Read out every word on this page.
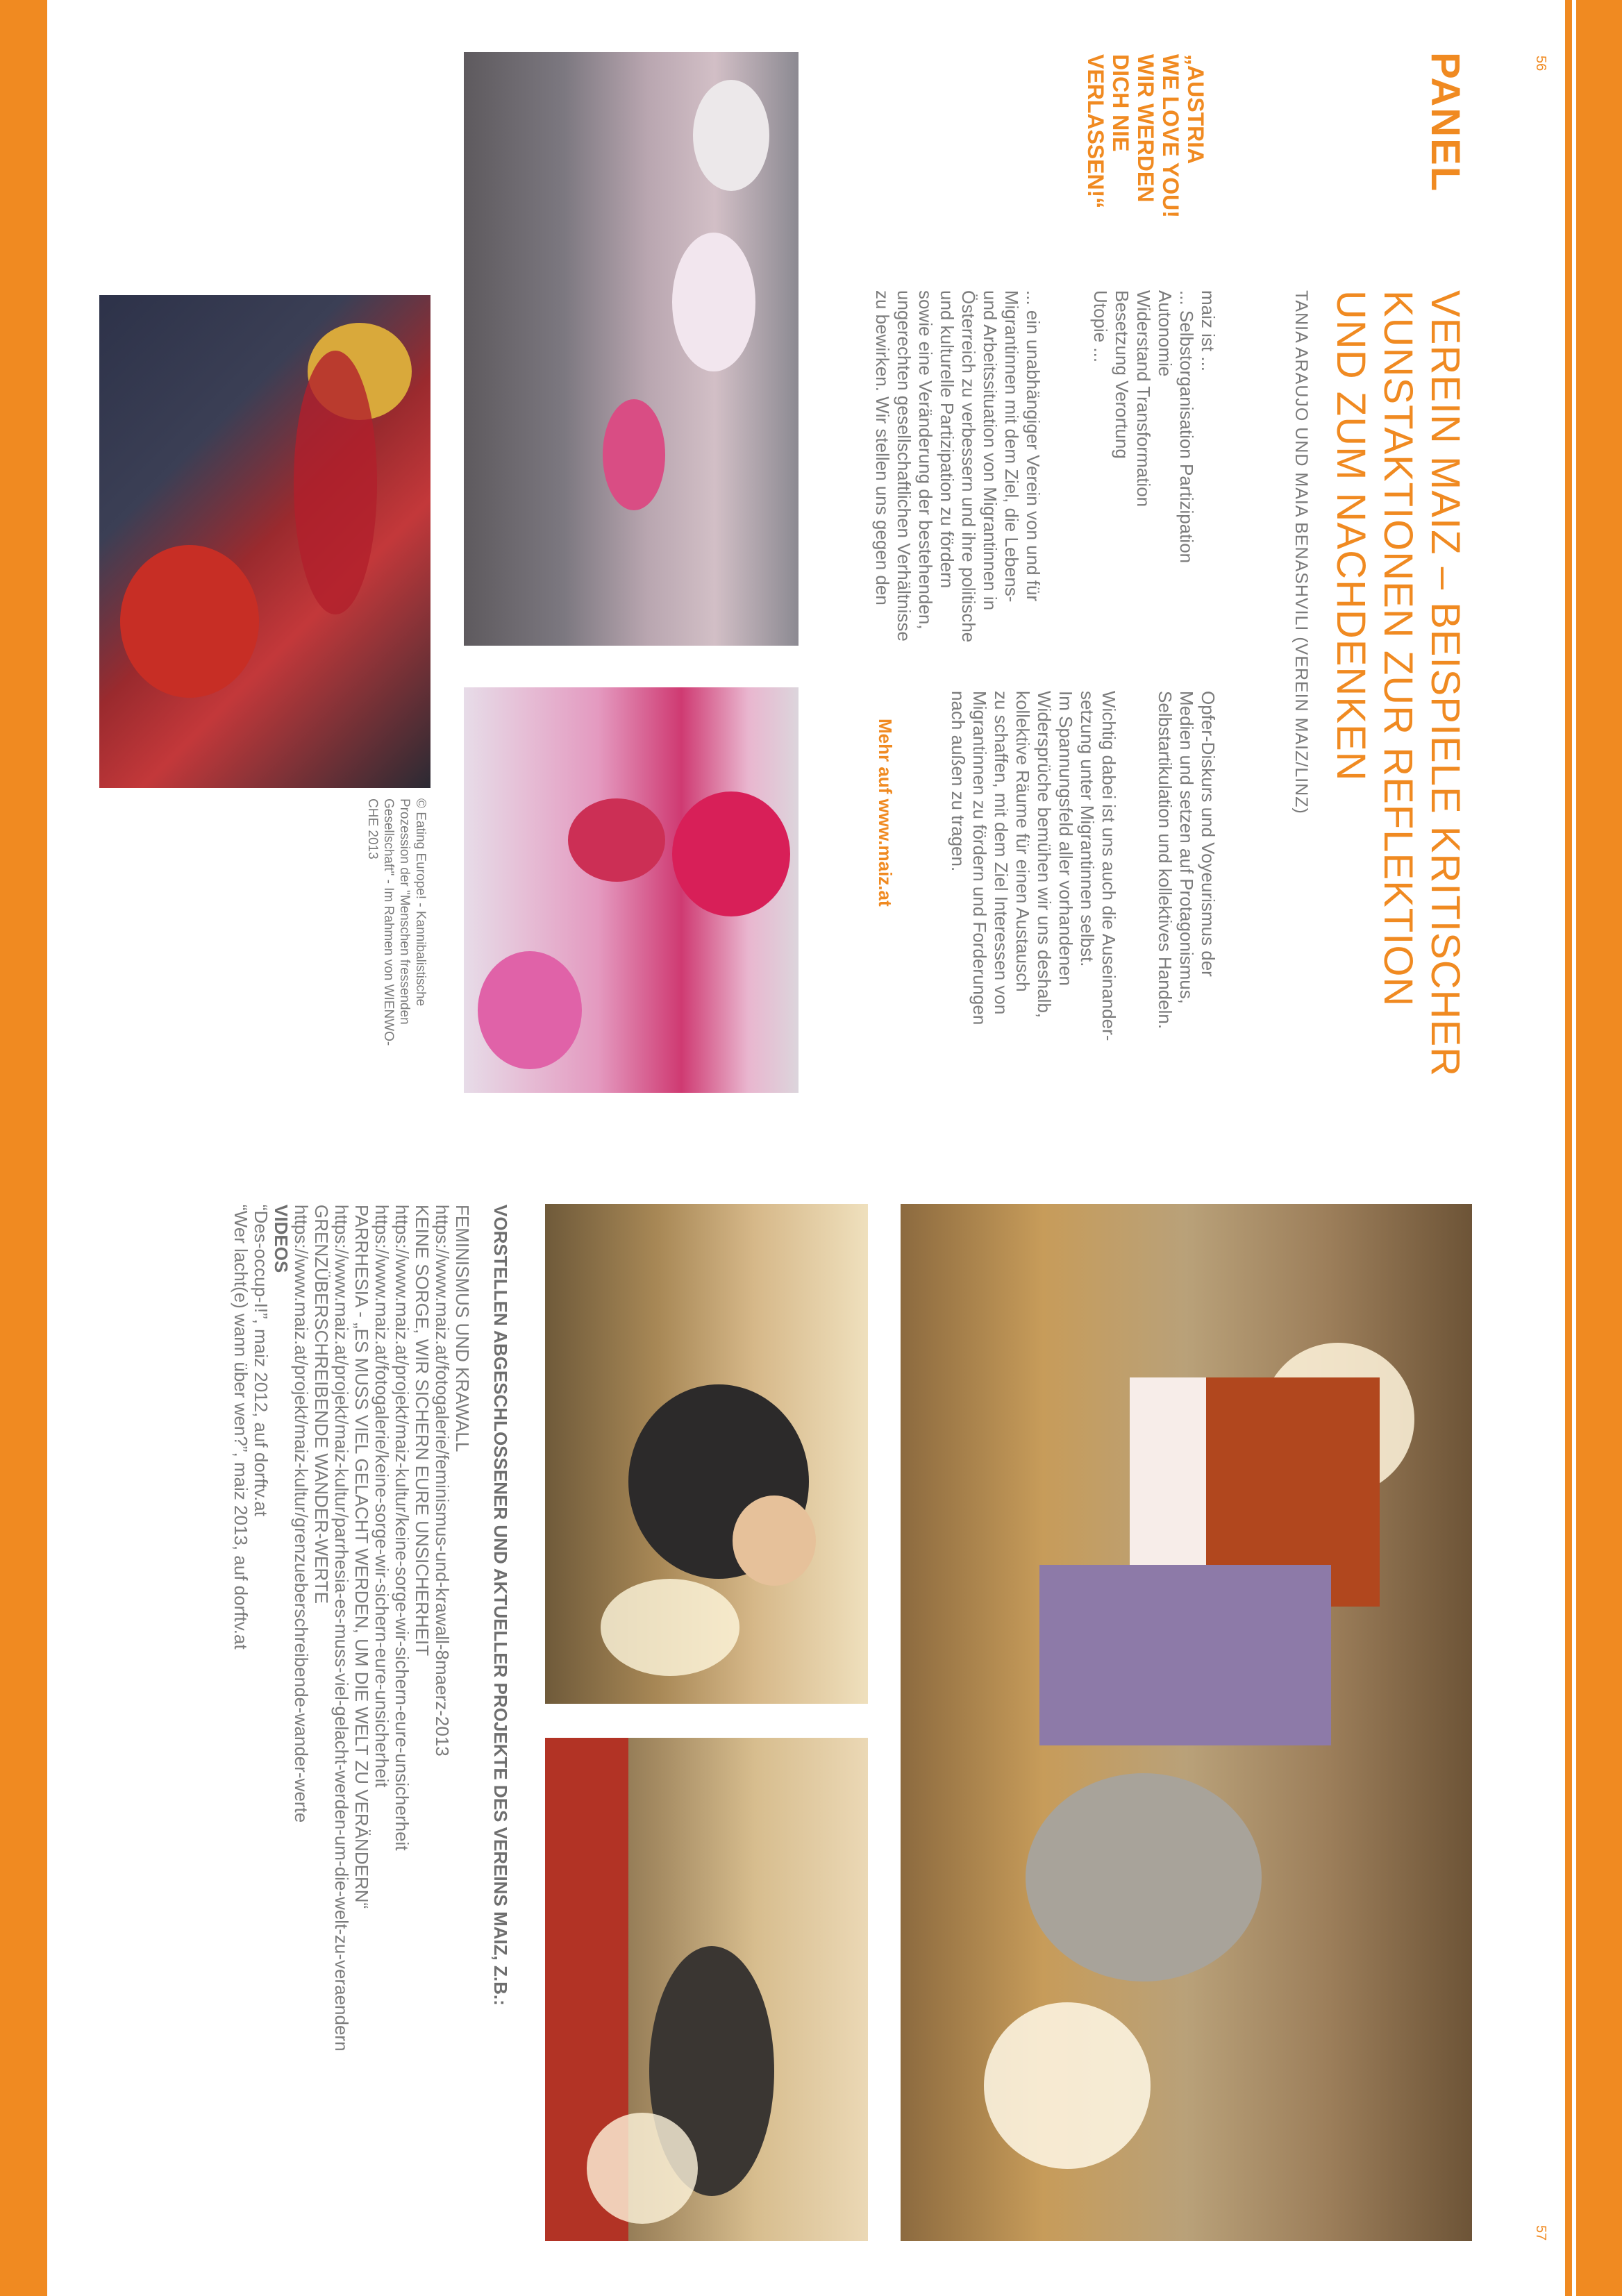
56
57
PANEL
VEREIN MAIZ – BEISPIELE KRITISCHER
KUNSTAKTIONEN ZUR REFLEKTION
UND ZUM NACHDENKEN
TANIA ARAUJO UND MAIA BENASHVILI (VEREIN MAIZ/LINZ)
„AUSTRIA
WE LOVE YOU!
WIR WERDEN
DICH NIE
VERLASSEN!“
maiz ist ...
... Selbstorganisation Partizipation
Autonomie
Widerstand Transformation
Besetzung Verortung
Utopie ...
... ein unabhängiger Verein von und für
Migrantinnen mit dem Ziel, die Lebens-
und Arbeitssituation von Migrantinnen in
Österreich zu verbessern und ihre politische
und kulturelle Partizipation zu fördern
sowie eine Veränderung der bestehenden,
ungerechten gesellschaftlichen Verhältnisse
zu bewirken. Wir stellen uns gegen den
Opfer-Diskurs und Voyeurismus der
Medien und setzen auf Protagonismus,
Selbstartikulation und kollektives Handeln.
Wichtig dabei ist uns auch die Auseinander-
setzung unter Migrantinnen selbst.
Im Spannungsfeld aller vorhandenen
Widersprüche bemühen wir uns deshalb,
kollektive Räume für einen Austausch
zu schaffen, mit dem Ziel Interessen von
Migrantinnen zu fördern und Forderungen
nach außen zu tragen.
Mehr auf www.maiz.at
© Eating Europe! - Kannibalistische
Prozession der "Menschen fressenden
Gesellschaft" - Im Rahmen von WIENWO-
CHE 2013
VORSTELLEN ABGESCHLOSSENER UND AKTUELLER PROJEKTE DES VEREINS MAIZ, Z.B.:
FEMINISMUS UND KRAWALL
https://www.maiz.at/fotogalerie/feminismus-und-krawall-8maerz-2013
KEINE SORGE, WIR SICHERN EURE UNSICHERHEIT
https://www.maiz.at/projekt/maiz-kultur/keine-sorge-wir-sichern-eure-unsicherheit
https://www.maiz.at/fotogalerie/keine-sorge-wir-sichern-eure-unsicherheit
PARRHESIA - „ES MUSS VIEL GELACHT WERDEN, UM DIE WELT ZU VERÄNDERN“
https://www.maiz.at/projekt/maiz-kultur/parrhesia-es-muss-viel-gelacht-werden-um-die-welt-zu-veraendern
GRENZÜBERSCHREIBENDE WANDER-WERTE
https://www.maiz.at/projekt/maiz-kultur/grenzueberschreibende-wander-werte
VIDEOS
“Des-occup-I!”, maiz 2012, auf dorftv.at
“Wer lacht(e) wann über wen?”, maiz 2013, auf dorftv.at
